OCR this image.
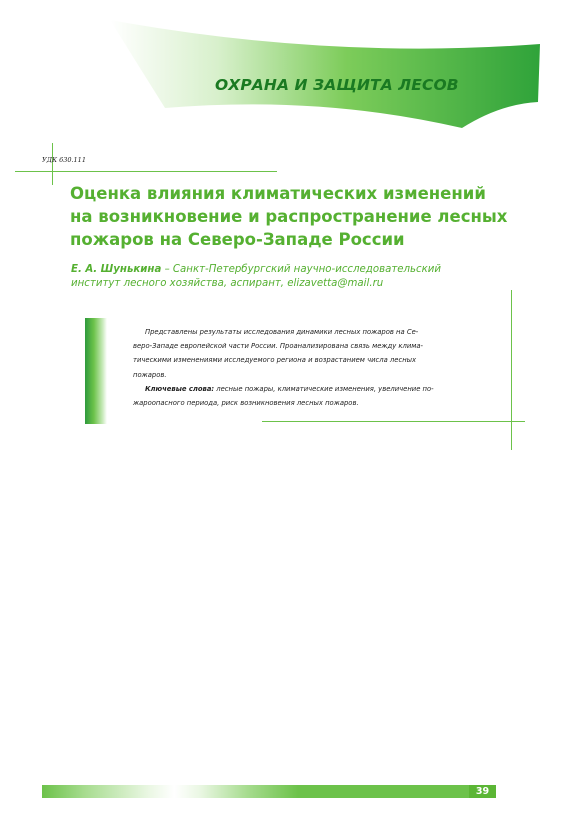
ОХРАНА И ЗАЩИТА ЛЕСОВ
УДК 630.111
Оценка влияния климатических изменений
на возникновение и распространение лесных
пожаров на Северо-Западе России
Е. А. Шунькина – Санкт-Петербургский научно-исследовательский
институт лесного хозяйства, аспирант, elizavetta@mail.ru

Представлены результаты исследования динамики лесных пожаров на Се-
веро-Западе европейской части России. Проанализирована связь между клима-
тическими изменениями исследуемого региона и возрастанием числа лесных
пожаров.

Ключевые слова: лесные пожары, климатические изменения, увеличение по-
жароопасного периода, риск возникновения лесных пожаров.

39
